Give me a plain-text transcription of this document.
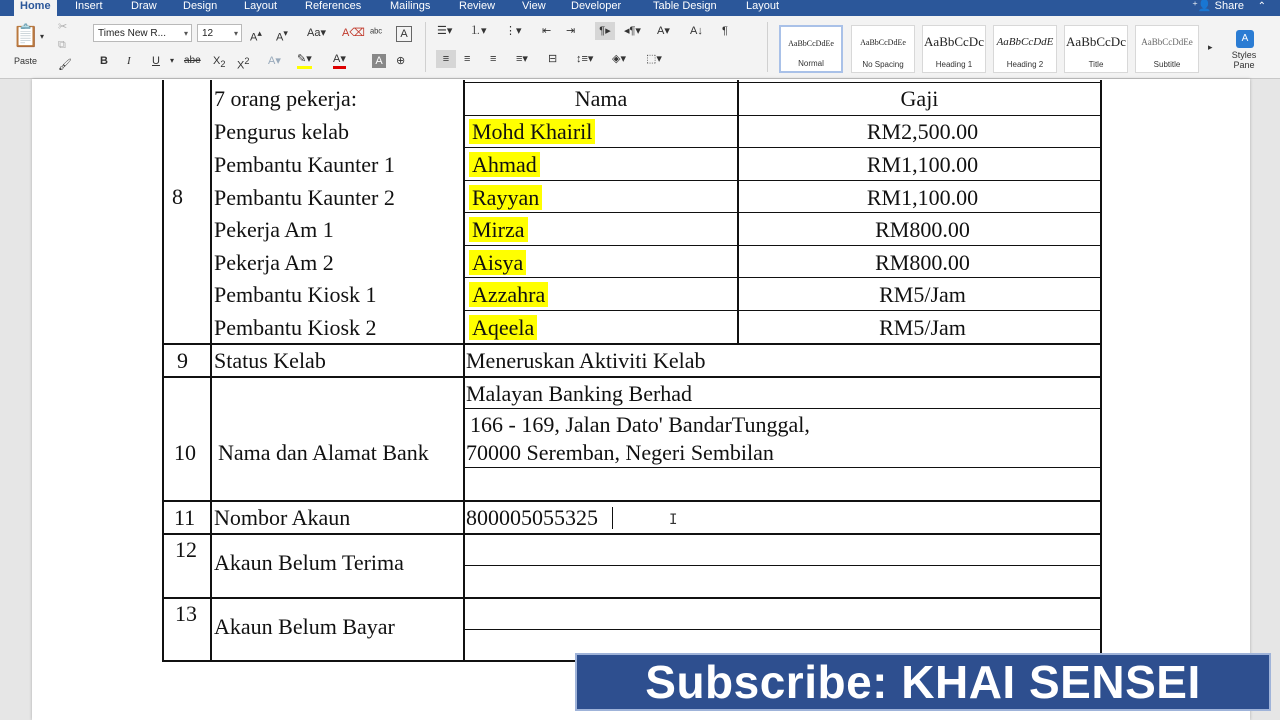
Home	Insert	Draw Design Layout	References	Mailings	Review View Developer	Table Design	Layout	⁺👤 Share ⌃
📋 ▾
Paste
✂
⧉
🖌
Times New R... ▾	12	▾ A▴ A▾ Aa▾ A⌫ ᵃᵇᶜ	A
B I U ▾ abe $X_2$ $X^2$ A▾ ✎▾ A▾	A	⊕
☰▾ ⒈▾ ⋮▾ ⇤ ⇥	¶▸	◂¶▾ A▾ A↓ ¶
≡	≡ ≡ ≡▾ ⊟ ↕≡▾ ◈▾ ⬚▾
AaBbCcDdEe
Normal
AaBbCcDdEe
No Spacing
AaBbCcDc
Heading 1
AaBbCcDdE
Heading 2
AaBbCcDc
Title
AaBbCcDdEe
Subtitle
▸
A
Styles Pane
8
7 orang pekerja:	Nama	Gaji
Pengurus kelab	Mohd Khairil	RM2,500.00
Pembantu Kaunter 1	Ahmad	RM1,100.00
Pembantu Kaunter 2	Rayyan	RM1,100.00
Pekerja Am 1	Mirza	RM800.00
Pekerja Am 2	Aisya	RM800.00
Pembantu Kiosk 1	Azzahra	RM5/Jam
Pembantu Kiosk 2	Aqeela	RM5/Jam
9 Status Kelab	Meneruskan Aktiviti Kelab
10 Nama dan Alamat Bank
Malayan Banking Berhad
166 - 169, Jalan Dato' BandarTunggal,
70000 Seremban, Negeri Sembilan
11 Nombor Akaun	800005055325
12
Akaun Belum Terima
13
Akaun Belum Bayar
I
Subscribe: KHAI SENSEI
